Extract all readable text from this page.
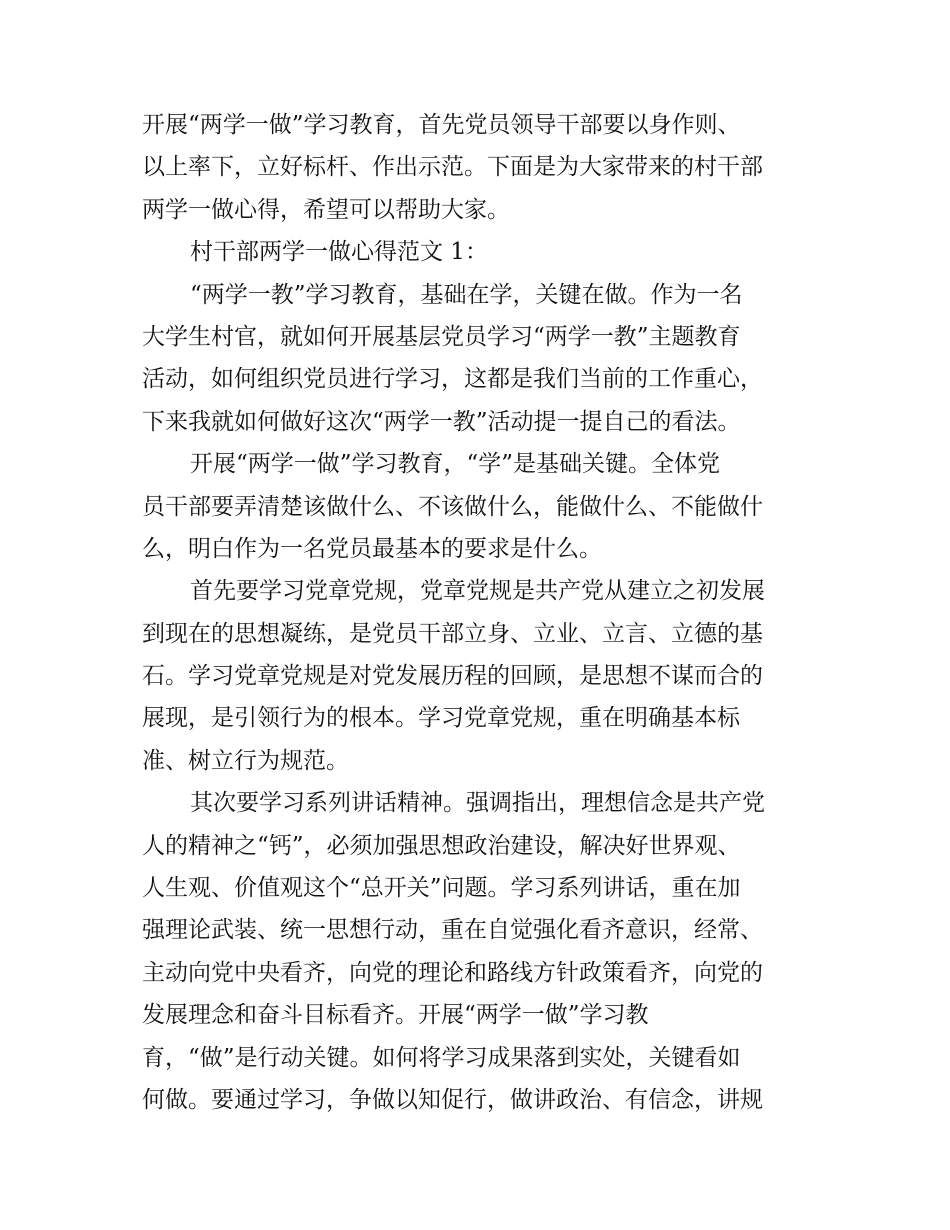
开展“两学一做”学习教育，首先党员领导干部要以身作则、
以上率下，立好标杆、作出示范。下面是为大家带来的村干部
两学一做心得，希望可以帮助大家。
村干部两学一做心得范文 1：
“两学一教”学习教育，基础在学，关键在做。作为一名
大学生村官，就如何开展基层党员学习“两学一教”主题教育
活动，如何组织党员进行学习，这都是我们当前的工作重心，
下来我就如何做好这次“两学一教”活动提一提自己的看法。
开展“两学一做”学习教育，“学”是基础关键。全体党
员干部要弄清楚该做什么、不该做什么，能做什么、不能做什
么，明白作为一名党员最基本的要求是什么。
首先要学习党章党规，党章党规是共产党从建立之初发展
到现在的思想凝练，是党员干部立身、立业、立言、立德的基
石。学习党章党规是对党发展历程的回顾，是思想不谋而合的
展现，是引领行为的根本。学习党章党规，重在明确基本标
准、树立行为规范。
其次要学习系列讲话精神。强调指出，理想信念是共产党
人的精神之“钙”，必须加强思想政治建设，解决好世界观、
人生观、价值观这个“总开关”问题。学习系列讲话，重在加
强理论武装、统一思想行动，重在自觉强化看齐意识，经常、
主动向党中央看齐，向党的理论和路线方针政策看齐，向党的
发展理念和奋斗目标看齐。开展“两学一做”学习教
育，“做”是行动关键。如何将学习成果落到实处，关键看如
何做。要通过学习，争做以知促行，做讲政治、有信念，讲规
